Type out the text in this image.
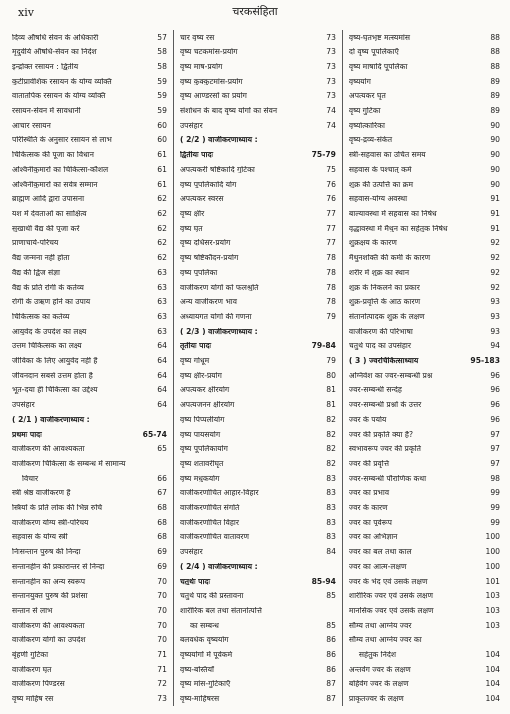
xiv	चरकसंहिता
दिव्य औषधि सेवन के अधिकारी	57
मृदुवीर्य औषधि-सेवन का निर्देश	58
इन्द्रोक्त रसायन : द्वितीय	58
कुटीप्रावेशिक रसायन के योग्य व्यक्ति	59
वातातपिक रसायन के योग्य व्यक्ति	59
रसायन-सेवन में सावधानी	59
आचार रसायन	60
परिस्थिति के अनुसार रसायन से लाभ	60
चिकित्सक की पूजा का विधान	61
अश्विनीकुमारों का चिकित्सा-कौशल	61
अश्विनीकुमारों का सर्वत्र सम्मान	61
ब्राह्मण आदि द्वारा उपासना	62
यश में देवताओं का साक्षित्व	62
सुखार्थी वैद्य की पूजा करें	62
प्राणाचार्य-परिचय	62
वैद्य जन्मना नहीं होता	62
वैद्य की द्विज संज्ञा	63
वैद्य के प्रति रोगी के कर्तव्य	63
रोगी के उऋण होने का उपाय	63
चिकित्सक का कर्तव्य	63
आयुर्वेद के उपदेश का लक्ष्य	63
उत्तम चिकित्सक का लक्ष्य	64
जीविका के लिए आयुर्वेद नहीं है	64
जीवनदान सबसे उत्तम होता है	64
भूत-दया ही चिकित्सा का उद्देश्य	64
उपसंहार	64
( 2/1 ) वाजीकरणाध्याय :
प्रथमः पादः	65-74
वाजीकरण की आवश्यकता	65
वाजीकरण चिकित्सा के सम्बन्ध में सामान्य
विचार	66
स्त्री श्रेष्ठ वाजीकरण है	67
स्त्रियों के प्रति लोक की भिन्न रुचि	68
वाजीकरण योग्य स्त्री-परिचय	68
सहवास के योग्य स्त्री	68
निःसन्तान पुरुष की निन्दा	69
सन्तानहीन की प्रकारान्तर से निन्दा	69
सन्तानहीन का अन्य स्वरूप	70
सन्तानयुक्त पुरुष की प्रशंसा	70
सन्तान से लाभ	70
वाजीकरण की आवश्यकता	70
वाजीकरण योगों का उपदेश	70
बृंहणी गुटिका	71
वाजीकरण घृत	71
वाजीकरण पिण्डरस	72
वृष्य माहिष रस	73
चार वृष्य रस	73
वृष्य चटकमांस-प्रयोग	73
वृष्य माष-प्रयोग	73
वृष्य कुक्कुटमांस-प्रयोग	73
वृष्य आण्डरसों का प्रयोग	73
संशोधन के बाद वृष्य योगों का सेवन	74
उपसंहार	74
( 2/2 ) वाजीकरणाध्याय :
द्वितीयः पादः	75-79
अपत्यकरी षष्टिकादि गुटिका	75
वृष्य पूपलिकादि योग	76
अपत्यकर स्वरस	76
वृष्य क्षीर	77
वृष्य घृत	77
वृष्य दधिसर-प्रयोग	77
वृष्य षष्टिकौदन-प्रयोग	78
वृष्य पूपलिका	78
वाजीकरण योगों को फलश्रुति	78
अन्य वाजीकरण भाव	78
अध्यायगत योगों की गणना	79
( 2/3 ) वाजीकरणाध्याय :
तृतीयः पादः	79-84
वृष्य गोधूम	79
वृष्य क्षीर-प्रयोग	80
अपत्यकर क्षीरयोग	81
अपत्यजनन क्षीरयोग	81
वृष्य पिप्पलीयोग	82
वृष्य पायसयोग	82
वृष्य पूपलिकायोग	82
वृष्य शतावरीघृत	82
वृष्य मधुकयोग	83
वाजीकरणोचित आहार-विहार	83
वाजीकरणोचित संगति	83
वाजीकरणोचित विहार	83
वाजीकरणोचित वातावरण	83
उपसंहार	84
( 2/4 ) वाजीकरणाध्याय :
चतुर्थः पादः	85-94
चतुर्थ पाद की प्रस्तावना	85
शारीरिक बल तथा संतानोत्पत्ति
का सम्बन्ध	85
बलवर्धक वृष्ययोग	86
वृष्ययोगों में पूर्वकर्म	86
वृष्य-बस्तियाँ	86
वृष्य मांस-गुटिकाएँ	87
वृष्य-माहिषरस	87
वृष्य-घृतभृष्ट मत्स्यमांस	88
दो वृष्य पूपलिकाएँ	88
वृष्य माषादि पूपलिका	88
वृष्ययोग	89
अपत्यकर घृत	89
वृष्य गुटिका	89
वृष्योत्कारिका	90
वृष्य-द्रव्य-संकेत	90
स्त्री-सहवास का उचित समय	90
सहवास के पश्चात् कर्म	90
शुक्र की उत्पत्ति का क्रम	90
सहवास-योग्य अवस्था	91
बाल्यावस्था में सहवास का निषेध	91
वृद्धावस्था में मैथुन का सहेतुक निषेध	91
शुक्रक्षय के कारण	92
मैथुनशक्ति की कमी के कारण	92
शरीर में शुक्र का स्थान	92
शुक्र के निकलने का प्रकार	92
शुक्र-प्रवृत्ति के आठ कारण	93
संतानोत्पादक शुक्र के लक्षण	93
वाजीकरण की परिभाषा	93
चतुर्थ पाद का उपसंहार	94
( 3 ) ज्वरचिकित्साध्याय	95-183
अग्निवेश का ज्वर-सम्बन्धी प्रश्न	96
ज्वर-सम्बन्धी सन्देह	96
ज्वर-सम्बन्धी प्रश्नों के उत्तर	96
ज्वर के पर्याय	96
ज्वर की प्रकृति क्या है?	97
स्वभावरूप ज्वर की प्रकृति	97
ज्वर की प्रवृत्ति	97
ज्वर-सम्बन्धी पौराणिक कथा	98
ज्वर का प्रभाव	99
ज्वर के कारण	99
ज्वर का पूर्वरूप	99
ज्वर का अभिज्ञान	100
ज्वर का बल तथा काल	100
ज्वर का आत्म-लक्षण	100
ज्वर के भेद एवं उसके लक्षण	101
शारीरिक ज्वर एवं उसके लक्षण	103
मानसिक ज्वर एवं उसके लक्षण	103
सौम्य तथा आग्नेय ज्वर	103
सौम्य तथा आग्नेय ज्वर का
सहेतुक निर्देश	104
अन्तर्वेग ज्वर के लक्षण	104
बहिर्वेग ज्वर के लक्षण	104
प्राकृतज्वर के लक्षण	104
